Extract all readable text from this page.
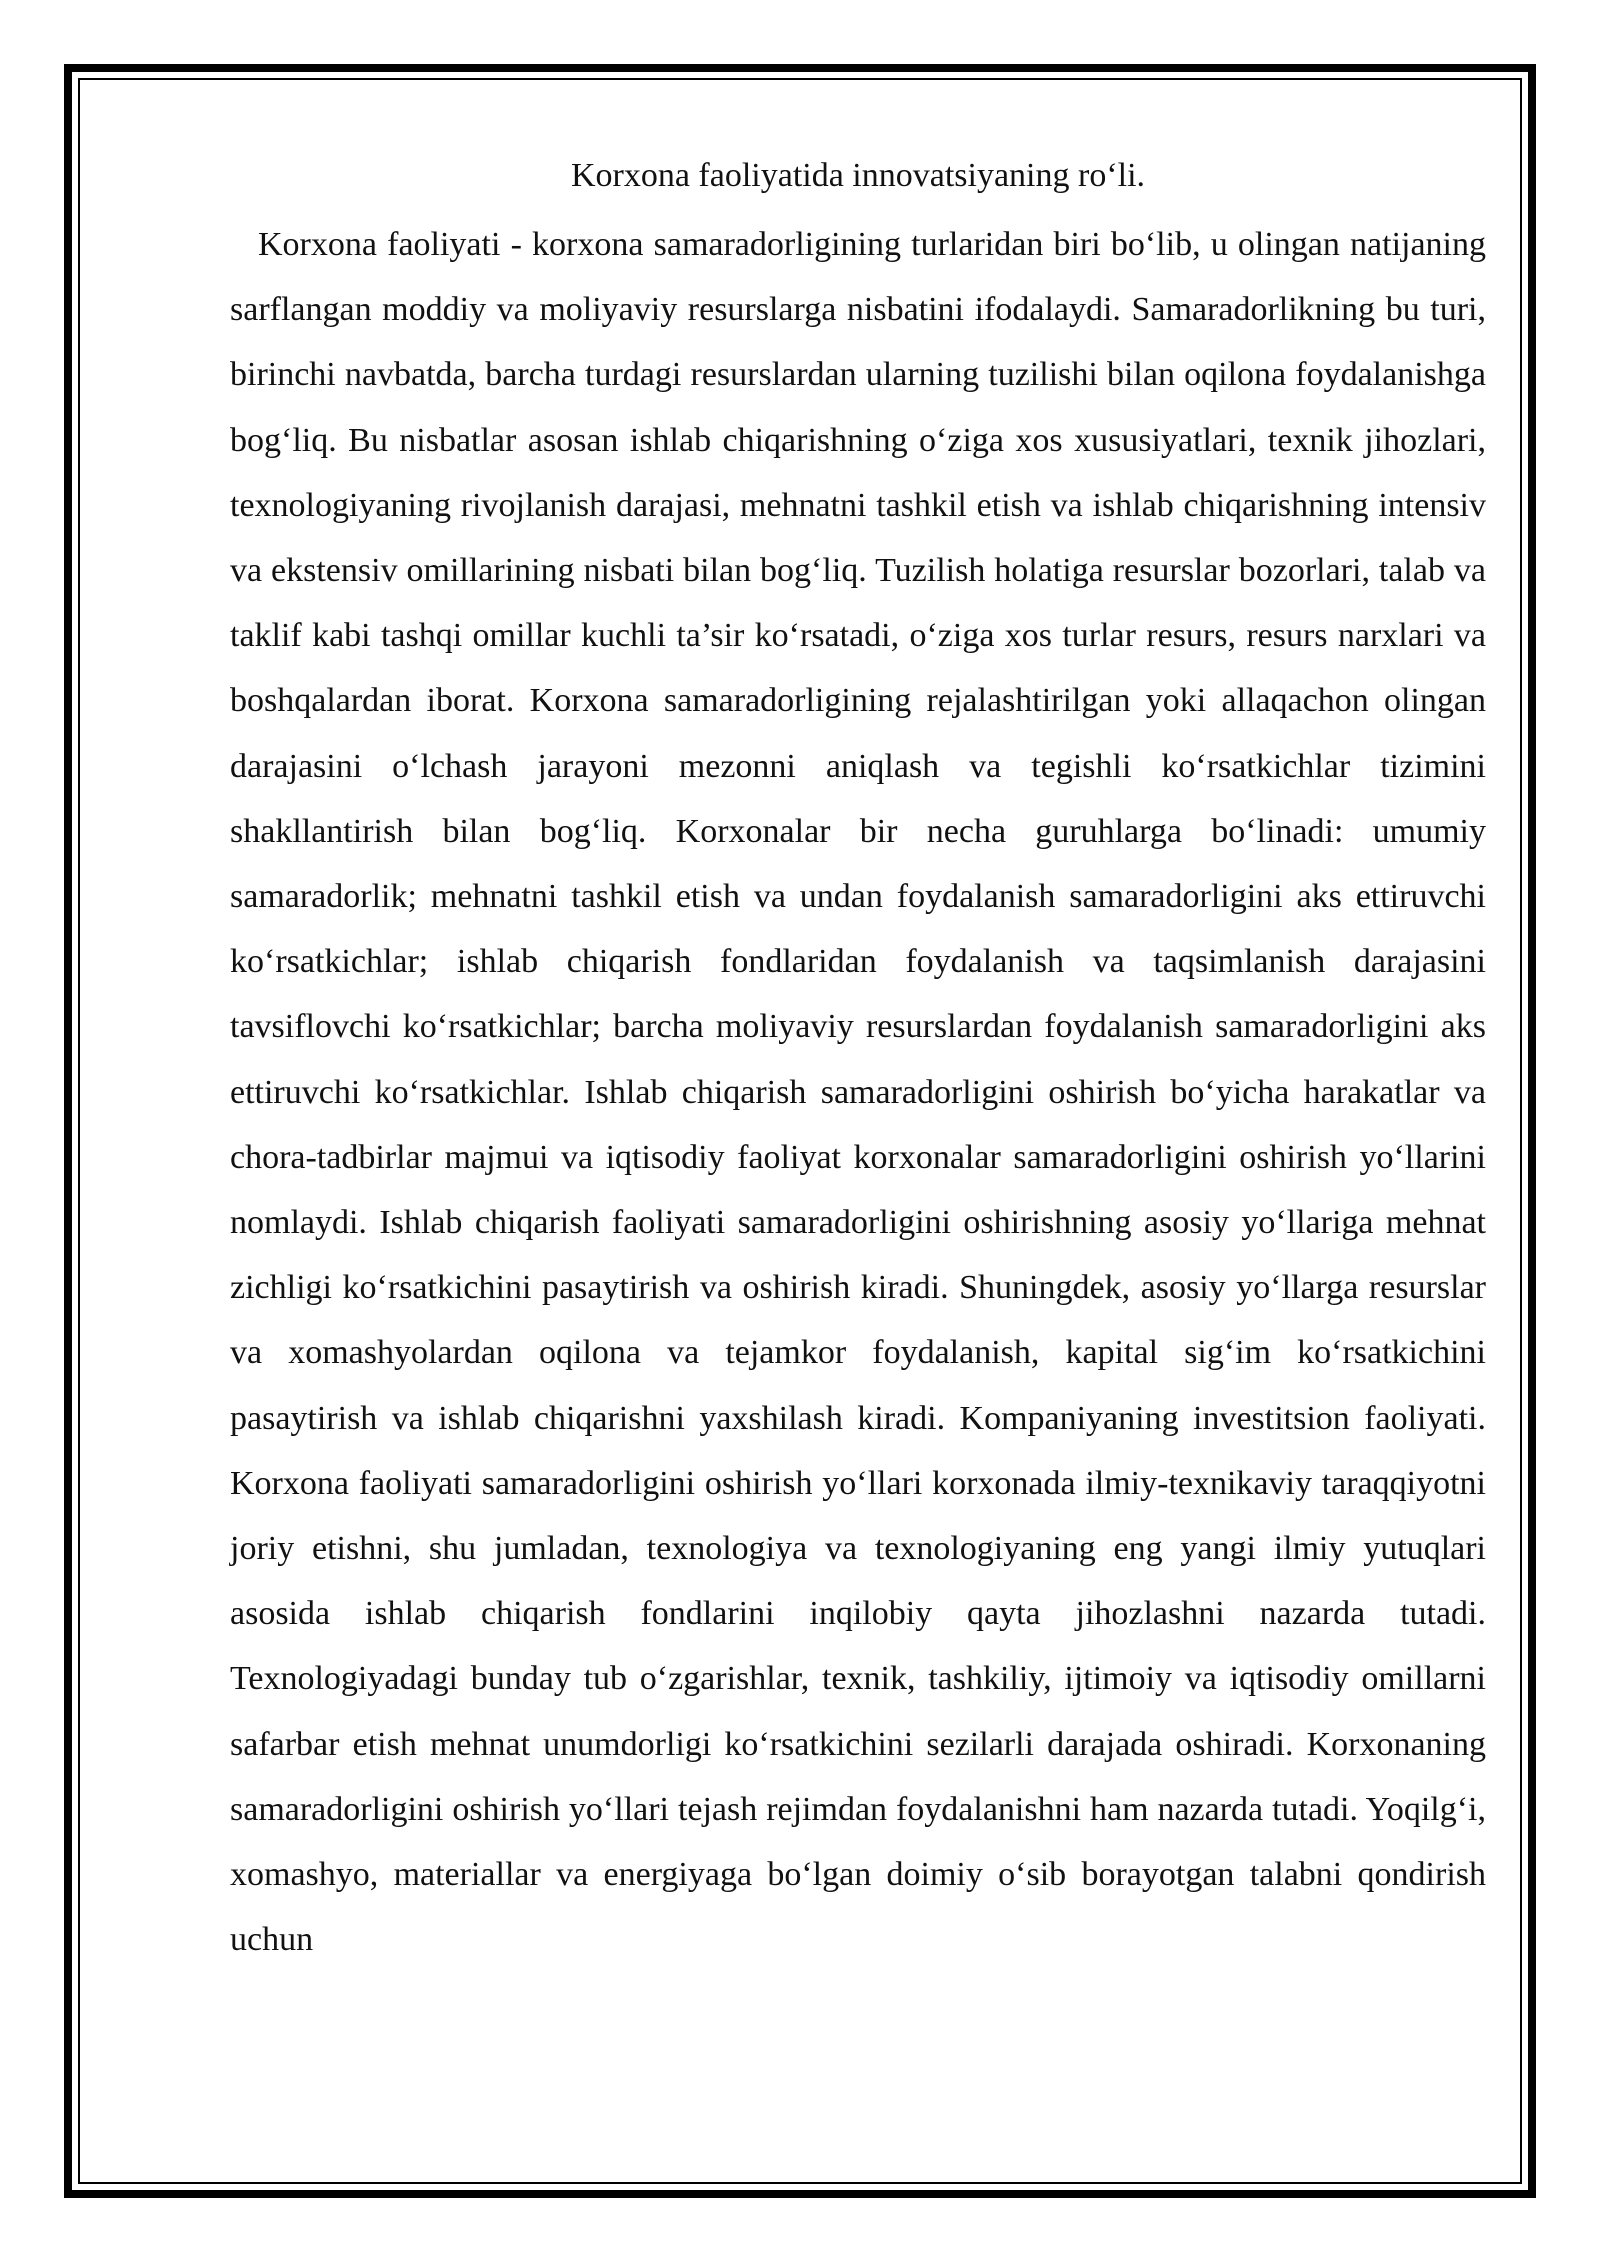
Korxona faoliyatida innovatsiyaning ro‘li.

Korxona faoliyati - korxona samaradorligining turlaridan biri bo‘lib, u olingan natijaning sarflangan moddiy va moliyaviy resurslarga nisbatini ifodalaydi. Samaradorlikning bu turi, birinchi navbatda, barcha turdagi resurslardan ularning tuzilishi bilan oqilona foydalanishga bog‘liq. Bu nisbatlar asosan ishlab chiqarishning o‘ziga xos xususiyatlari, texnik jihozlari, texnologiyaning rivojlanish darajasi, mehnatni tashkil etish va ishlab chiqarishning intensiv va ekstensiv omillarining nisbati bilan bog‘liq. Tuzilish holatiga resurslar bozorlari, talab va taklif kabi tashqi omillar kuchli ta’sir ko‘rsatadi, o‘ziga xos turlar resurs, resurs narxlari va boshqalardan iborat. Korxona samaradorligining rejalashtirilgan yoki allaqachon olingan darajasini o‘lchash jarayoni mezonni aniqlash va tegishli ko‘rsatkichlar tizimini shakllantirish bilan bog‘liq. Korxonalar bir necha guruhlarga bo‘linadi: umumiy samaradorlik; mehnatni tashkil etish va undan foydalanish samaradorligini aks ettiruvchi ko‘rsatkichlar; ishlab chiqarish fondlaridan foydalanish va taqsimlanish darajasini tavsiflovchi ko‘rsatkichlar; barcha moliyaviy resurslardan foydalanish samaradorligini aks ettiruvchi ko‘rsatkichlar. Ishlab chiqarish samaradorligini oshirish bo‘yicha harakatlar va chora-tadbirlar majmui va iqtisodiy faoliyat korxonalar samaradorligini oshirish yo‘llarini nomlaydi. Ishlab chiqarish faoliyati samaradorligini oshirishning asosiy yo‘llariga mehnat zichligi ko‘rsatkichini pasaytirish va oshirish kiradi. Shuningdek, asosiy yo‘llarga resurslar va xomashyolardan oqilona va tejamkor foydalanish, kapital sig‘im ko‘rsatkichini pasaytirish va ishlab chiqarishni yaxshilash kiradi. Kompaniyaning investitsion faoliyati. Korxona faoliyati samaradorligini oshirish yo‘llari korxonada ilmiy-texnikaviy taraqqiyotni joriy etishni, shu jumladan, texnologiya va texnologiyaning eng yangi ilmiy yutuqlari asosida ishlab chiqarish fondlarini inqilobiy qayta jihozlashni nazarda tutadi. Texnologiyadagi bunday tub o‘zgarishlar, texnik, tashkiliy, ijtimoiy va iqtisodiy omillarni safarbar etish mehnat unumdorligi ko‘rsatkichini sezilarli darajada oshiradi. Korxonaning samaradorligini oshirish yo‘llari tejash rejimdan foydalanishni ham nazarda tutadi. Yoqilg‘i, xomashyo, materiallar va energiyaga bo‘lgan doimiy o‘sib borayotgan talabni qondirish uchun
